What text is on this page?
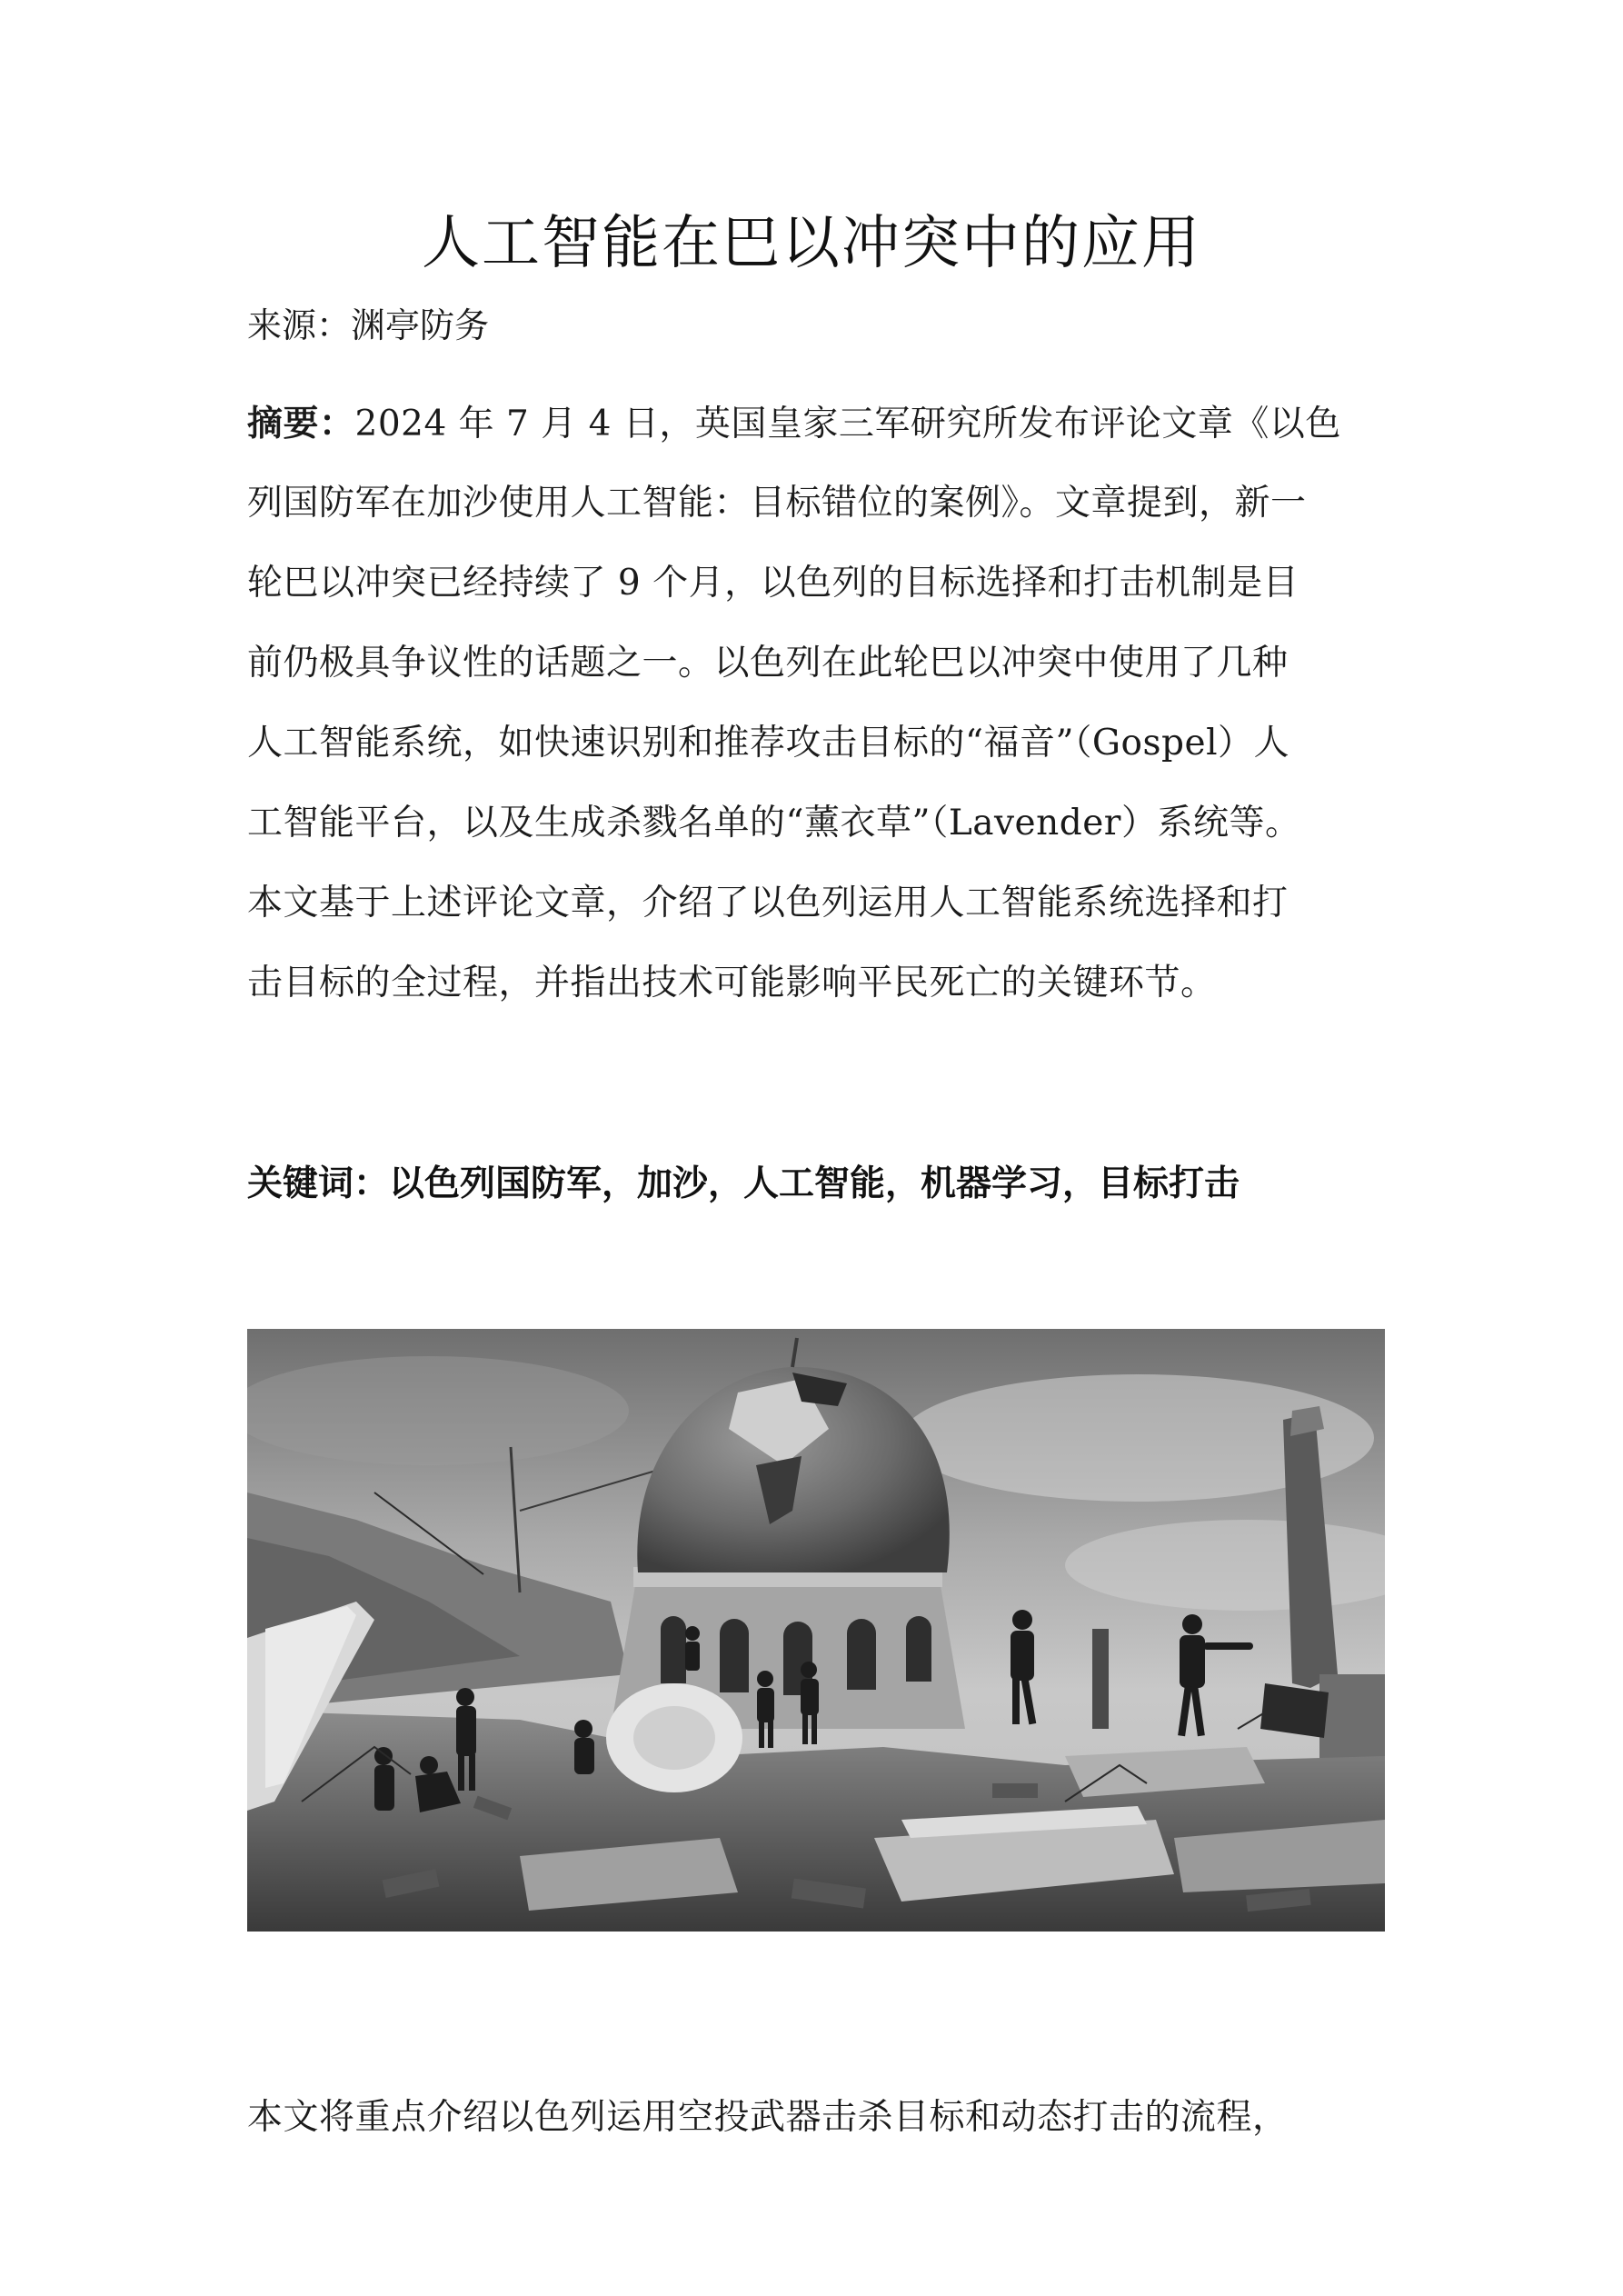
人工智能在巴以冲突中的应用

来源：渊亭防务

摘要：2024 年 7 月 4 日，英国皇家三军研究所发布评论文章《以色
列国防军在加沙使用人工智能：目标错位的案例》。文章提到，新一
轮巴以冲突已经持续了 9 个月，以色列的目标选择和打击机制是目
前仍极具争议性的话题之一。以色列在此轮巴以冲突中使用了几种
人工智能系统，如快速识别和推荐攻击目标的“福音”（Gospel）人
工智能平台，以及生成杀戮名单的“薰衣草”（Lavender）系统等。
本文基于上述评论文章，介绍了以色列运用人工智能系统选择和打
击目标的全过程，并指出技术可能影响平民死亡的关键环节。

关键词：以色列国防军，加沙，人工智能，机器学习，目标打击

本文将重点介绍以色列运用空投武器击杀目标和动态打击的流程，
